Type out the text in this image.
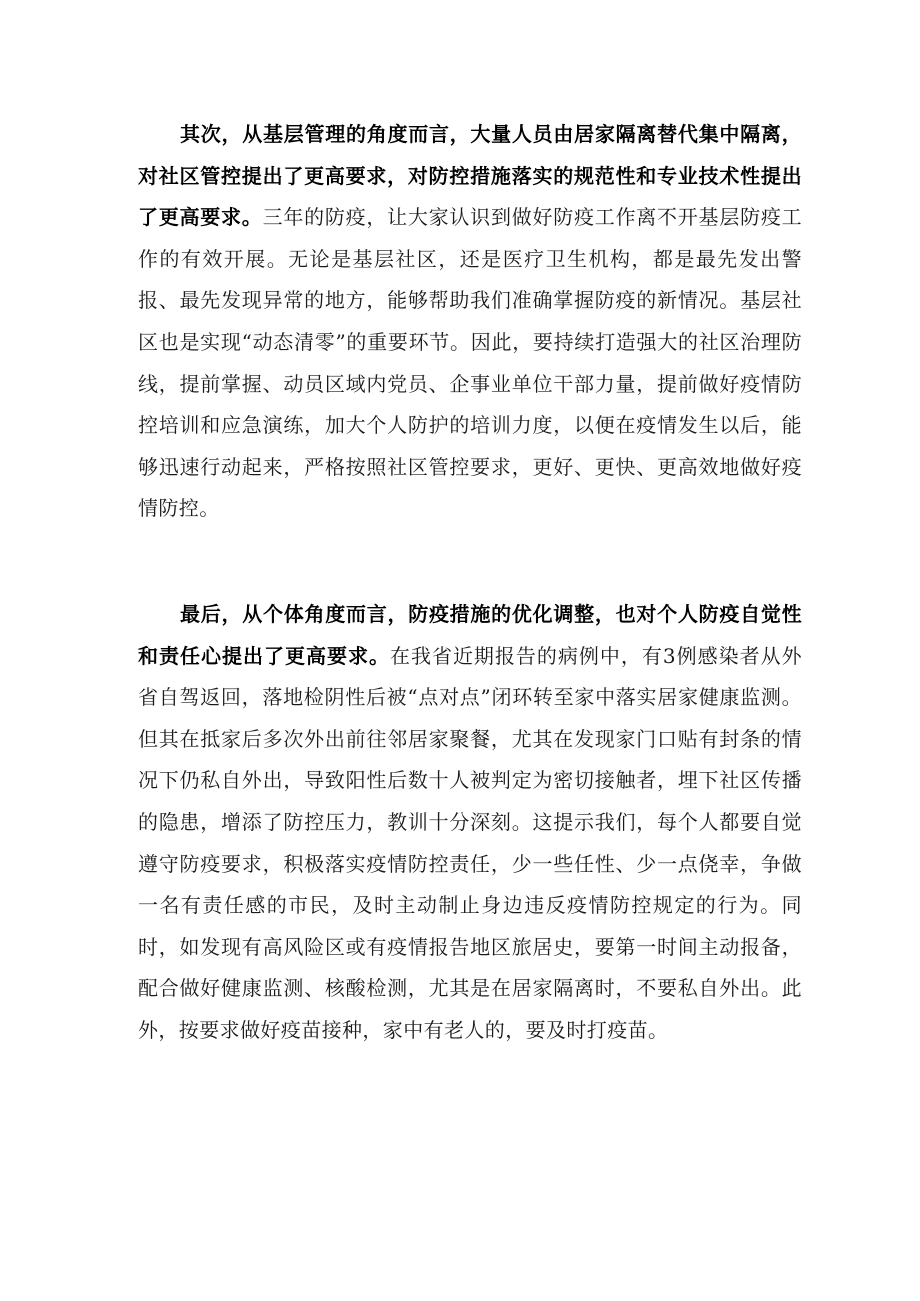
其次，从基层管理的角度而言，大量人员由居家隔离替代集中隔离，对社区管控提出了更高要求，对防控措施落实的规范性和专业技术性提出了更高要求。三年的防疫，让大家认识到做好防疫工作离不开基层防疫工作的有效开展。无论是基层社区，还是医疗卫生机构，都是最先发出警报、最先发现异常的地方，能够帮助我们准确掌握防疫的新情况。基层社区也是实现“动态清零”的重要环节。因此，要持续打造强大的社区治理防线，提前掌握、动员区域内党员、企事业单位干部力量，提前做好疫情防控培训和应急演练，加大个人防护的培训力度，以便在疫情发生以后，能够迅速行动起来，严格按照社区管控要求，更好、更快、更高效地做好疫情防控。

最后，从个体角度而言，防疫措施的优化调整，也对个人防疫自觉性和责任心提出了更高要求。在我省近期报告的病例中，有3例感染者从外省自驾返回，落地检阴性后被“点对点”闭环转至家中落实居家健康监测。但其在抵家后多次外出前往邻居家聚餐，尤其在发现家门口贴有封条的情况下仍私自外出，导致阳性后数十人被判定为密切接触者，埋下社区传播的隐患，增添了防控压力，教训十分深刻。这提示我们，每个人都要自觉遵守防疫要求，积极落实疫情防控责任，少一些任性、少一点侥幸，争做一名有责任感的市民，及时主动制止身边违反疫情防控规定的行为。同时，如发现有高风险区或有疫情报告地区旅居史，要第一时间主动报备，配合做好健康监测、核酸检测，尤其是在居家隔离时，不要私自外出。此外，按要求做好疫苗接种，家中有老人的，要及时打疫苗。
